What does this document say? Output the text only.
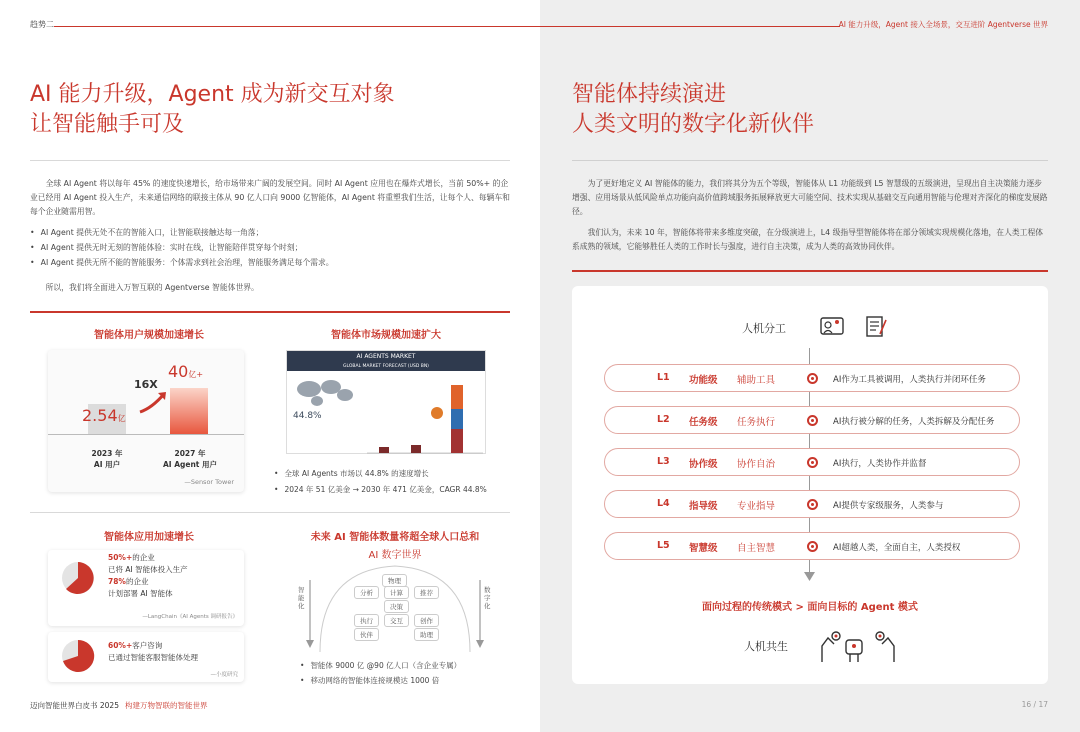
趋势二
AI 能力升级，Agent 成为新交互对象
让智能触手可及

全球 AI Agent 将以每年 45% 的速度快速增长，给市场带来广阔的发展空间。同时 AI Agent 应用也在爆炸式增长，当前 50%+ 的企业已经用 AI Agent 投入生产，未来通信网络的联接主体从 90 亿人口向 9000 亿智能体，AI Agent 将重塑我们生活，让每个人、每辆车和每个企业随需用智。

• AI Agent 提供无处不在的智能入口，让智能联接触达每一角落；
• AI Agent 提供无时无刻的智能体验：实时在线，让智能陪伴贯穿每个时刻；
• AI Agent 提供无所不能的智能服务：个体需求到社会治理，智能服务满足每个需求。

所以，我们将全面进入万智互联的 Agentverse 智能体世界。

智能体用户规模加速增长
2.54亿
40亿+
16X
2023 年
AI 用户
2027 年
AI Agent 用户
—Sensor Tower
智能体市场规模加速扩大
AI AGENTS MARKET
GLOBAL MARKET FORECAST (USD BN)
44.8%
• 全球 AI Agents 市场以 44.8% 的速度增长
• 2024 年 51 亿美金 → 2030 年 471 亿美金，CAGR 44.8%
智能体应用加速增长
50%+的企业
已将 AI 智能体投入生产
78%的企业
计划部署 AI 智能体
—LangChain《AI Agents 调研报告》
60%+客户咨询
已通过智能客服智能体处理
—小度研究
未来 AI 智能体数量将超全球人口总和
AI 数字世界
智能化
数字化
物理
分析	计算	推荐
决策
执行	交互	创作
伙伴	助理
• 智能体 9000 亿 @90 亿人口（含企业专属）
• 移动网络的智能体连接规模达 1000 倍
迈向智能世界白皮书 2025 构建万物智联的智能世界
AI 能力升级，Agent 接入全场景，交互进阶 Agentverse 世界
智能体持续演进
人类文明的数字化新伙伴

为了更好地定义 AI 智能体的能力，我们将其分为五个等级，智能体从 L1 功能级到 L5 智慧级的五级演进，呈现出自主决策能力逐步增强、应用场景从低风险单点功能向高价值跨域服务拓展释放更大可能空间、技术实现从基础交互向通用智能与伦理对齐深化的梯度发展路径。

我们认为，未来 10 年，智能体将带来多维度突破，在分级演进上，L4 级指导型智能体将在部分领域实现规模化落地，在人类工程体系成熟的领域，它能够胜任人类的工作时长与强度，进行自主决策，成为人类的高效协同伙伴。

人机分工
L1 功能级 辅助工具	AI作为工具被调用，人类执行并闭环任务
L2 任务级 任务执行	AI执行被分解的任务，人类拆解及分配任务
L3 协作级 协作自治	AI执行，人类协作并监督
L4 指导级 专业指导	AI提供专家级服务，人类参与
L5 智慧级 自主智慧	AI超越人类，全面自主，人类授权
面向过程的传统模式 > 面向目标的 Agent 模式
人机共生
16 / 17
